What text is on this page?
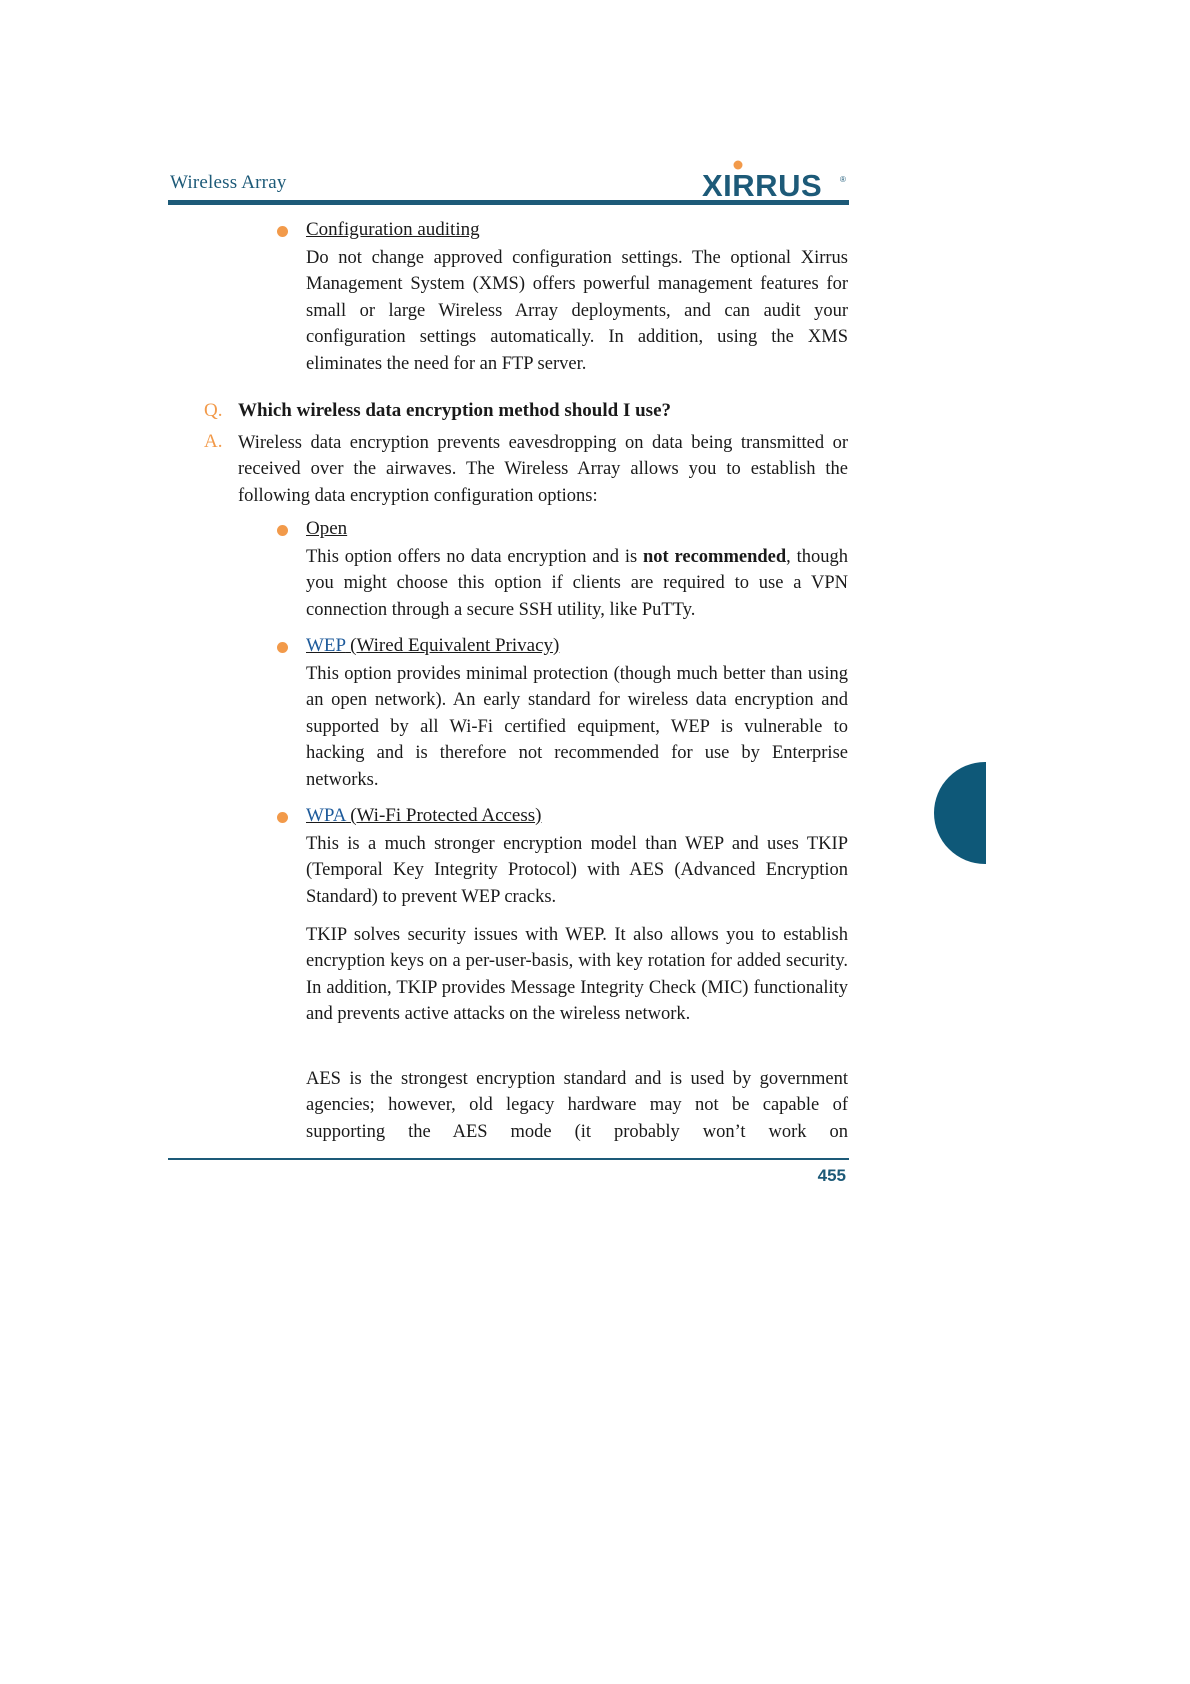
Wireless Array	XIRRUS ®
Configuration auditing
Do not change approved configuration settings. The optional Xirrus Management System (XMS) offers powerful management features for small or large Wireless Array deployments, and can audit your configuration settings automatically. In addition, using the XMS eliminates the need for an FTP server.
Q. Which wireless data encryption method should I use?
A. Wireless data encryption prevents eavesdropping on data being transmitted or received over the airwaves. The Wireless Array allows you to establish the following data encryption configuration options:
Open
This option offers no data encryption and is not recommended, though you might choose this option if clients are required to use a VPN connection through a secure SSH utility, like PuTTy.
WEP (Wired Equivalent Privacy)
This option provides minimal protection (though much better than using an open network). An early standard for wireless data encryption and supported by all Wi-Fi certified equipment, WEP is vulnerable to hacking and is therefore not recommended for use by Enterprise networks.
WPA (Wi-Fi Protected Access)
This is a much stronger encryption model than WEP and uses TKIP (Temporal Key Integrity Protocol) with AES (Advanced Encryption Standard) to prevent WEP cracks.
TKIP solves security issues with WEP. It also allows you to establish encryption keys on a per-user-basis, with key rotation for added security. In addition, TKIP provides Message Integrity Check (MIC) functionality and prevents active attacks on the wireless network.
AES is the strongest encryption standard and is used by government agencies; however, old legacy hardware may not be capable of supporting the AES mode (it probably won’t work on
455
